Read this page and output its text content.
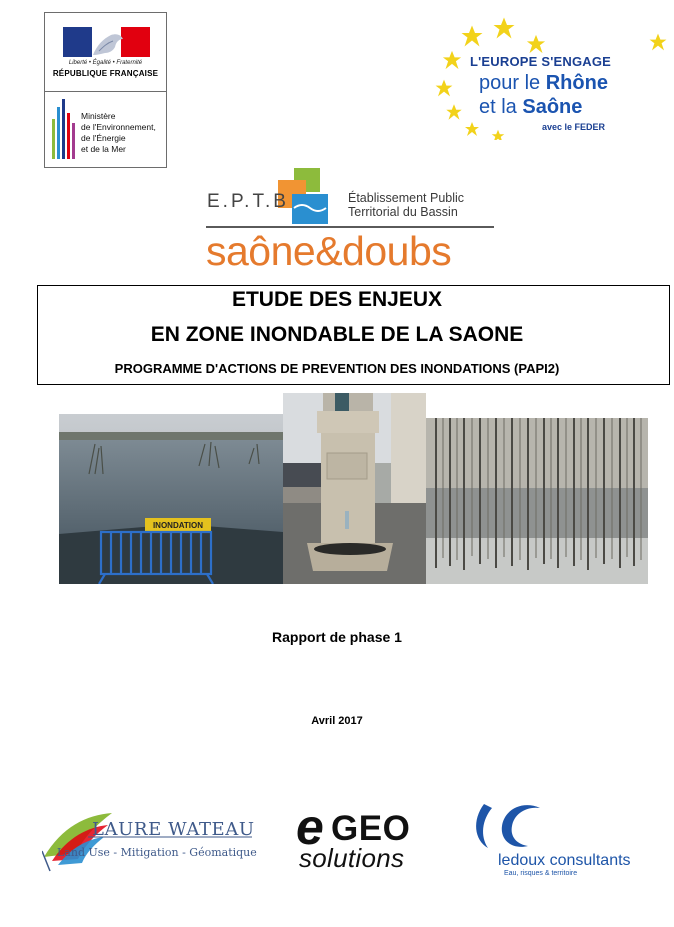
Liberté • Égalité • Fraternité
RÉPUBLIQUE FRANÇAISE
Ministère
de l'Environnement,
de l'Énergie
et de la Mer
L'EUROPE S'ENGAGE
pour le Rhône
et la Saône
avec le FEDER
E.P.T.B	Établissement Public
Territorial du Bassin
saône&doubs
ETUDE DES ENJEUX
EN ZONE INONDABLE DE LA SAONE
PROGRAMME D'ACTIONS DE PREVENTION DES INONDATIONS (PAPI2)
INONDATION
Rapport de phase 1
Avril 2017
LAURE WATEAU
Land Use - Mitigation - Géomatique e GEO
solutions	ledoux consultants
Eau, risques & territoire
